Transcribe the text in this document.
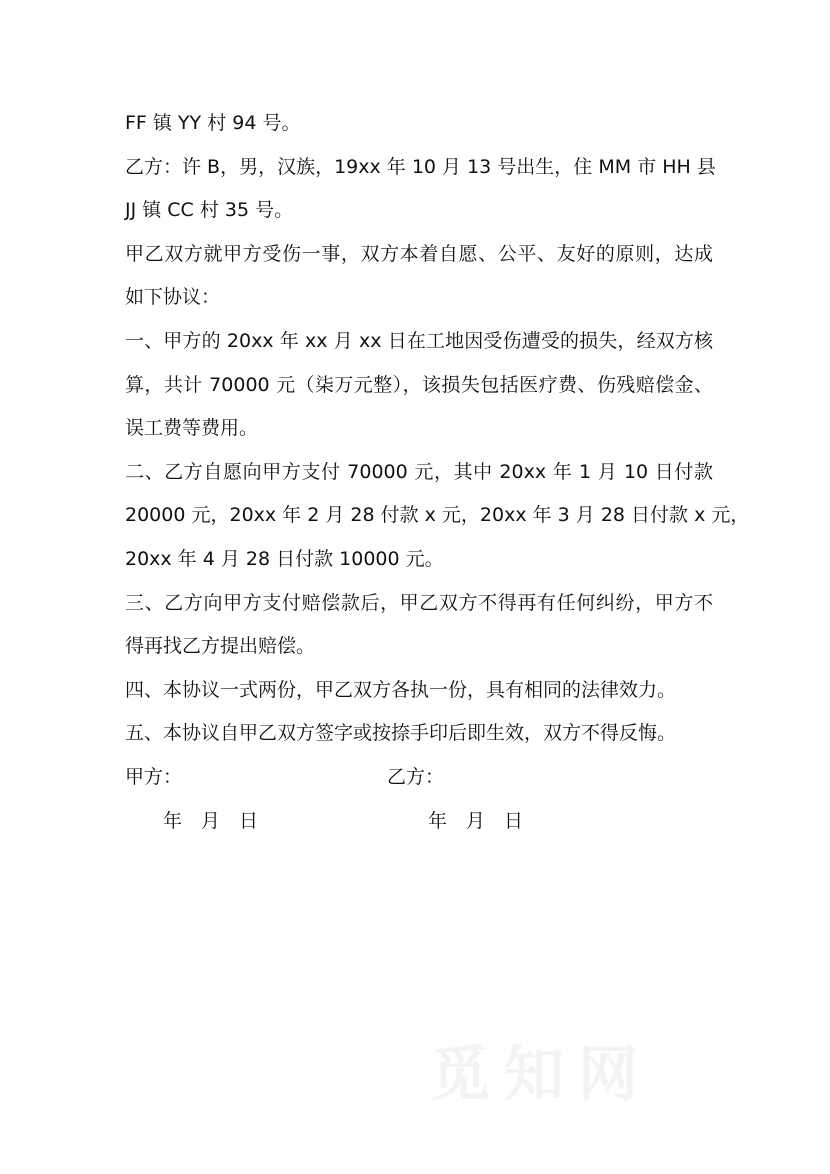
觅知网
FF 镇 YY 村 94 号。
乙方：许 B，男，汉族，19xx 年 10 月 13 号出生，住 MM 市 HH 县
JJ 镇 CC 村 35 号。
甲乙双方就甲方受伤一事，双方本着自愿、公平、友好的原则，达成
如下协议：
一、甲方的 20xx 年 xx 月 xx 日在工地因受伤遭受的损失，经双方核
算，共计 70000 元（柒万元整），该损失包括医疗费、伤残赔偿金、
误工费等费用。
二、乙方自愿向甲方支付 70000 元，其中 20xx 年 1 月 10 日付款
20000 元，20xx 年 2 月 28 付款 x 元，20xx 年 3 月 28 日付款 x 元，
20xx 年 4 月 28 日付款 10000 元。
三、乙方向甲方支付赔偿款后，甲乙双方不得再有任何纠纷，甲方不
得再找乙方提出赔偿。
四、本协议一式两份，甲乙双方各执一份，具有相同的法律效力。
五、本协议自甲乙双方签字或按捺手印后即生效，双方不得反悔。
甲方：	乙方：
年　月　日	年　月　日
